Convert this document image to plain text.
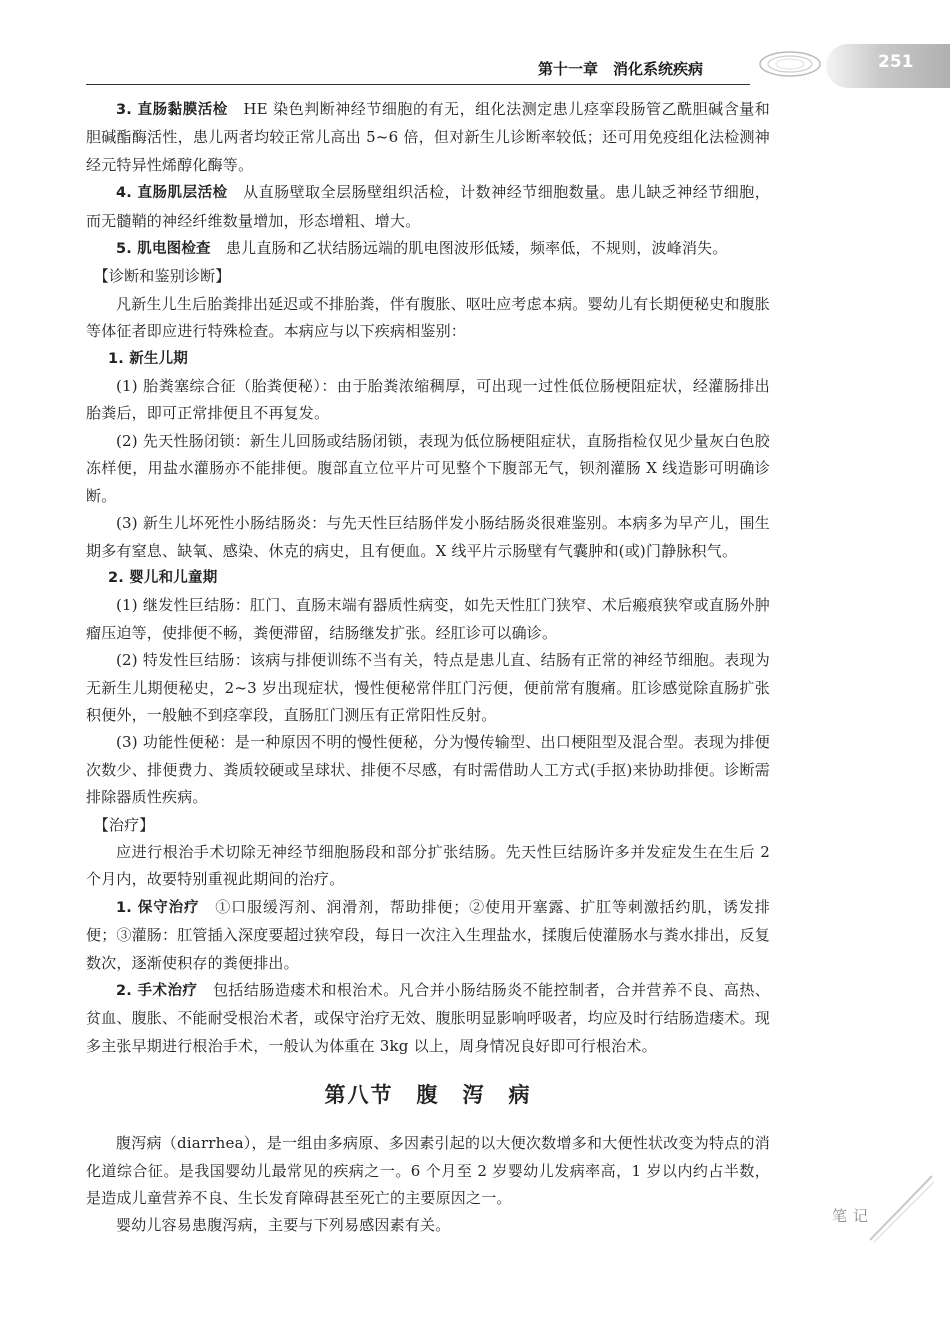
第十一章　消化系统疾病	251

3. 直肠黏膜活检　HE 染色判断神经节细胞的有无，组化法测定患儿痉挛段肠管乙酰胆碱含量和胆碱酯酶活性，患儿两者均较正常儿高出 5~6 倍，但对新生儿诊断率较低；还可用免疫组化法检测神经元特异性烯醇化酶等。

4. 直肠肌层活检　从直肠壁取全层肠壁组织活检，计数神经节细胞数量。患儿缺乏神经节细胞，而无髓鞘的神经纤维数量增加，形态增粗、增大。

5. 肌电图检查　患儿直肠和乙状结肠远端的肌电图波形低矮，频率低，不规则，波峰消失。

　【诊断和鉴别诊断】

凡新生儿生后胎粪排出延迟或不排胎粪，伴有腹胀、呕吐应考虑本病。婴幼儿有长期便秘史和腹胀等体征者即应进行特殊检查。本病应与以下疾病相鉴别：

　1. 新生儿期

(1) 胎粪塞综合征（胎粪便秘）：由于胎粪浓缩稠厚，可出现一过性低位肠梗阻症状，经灌肠排出胎粪后，即可正常排便且不再复发。

(2) 先天性肠闭锁：新生儿回肠或结肠闭锁，表现为低位肠梗阻症状，直肠指检仅见少量灰白色胶冻样便，用盐水灌肠亦不能排便。腹部直立位平片可见整个下腹部无气，钡剂灌肠 X 线造影可明确诊断。

(3) 新生儿坏死性小肠结肠炎：与先天性巨结肠伴发小肠结肠炎很难鉴别。本病多为早产儿，围生期多有窒息、缺氧、感染、休克的病史，且有便血。X 线平片示肠壁有气囊肿和(或)门静脉积气。

　2. 婴儿和儿童期

(1) 继发性巨结肠：肛门、直肠末端有器质性病变，如先天性肛门狭窄、术后瘢痕狭窄或直肠外肿瘤压迫等，使排便不畅，粪便滞留，结肠继发扩张。经肛诊可以确诊。

(2) 特发性巨结肠：该病与排便训练不当有关，特点是患儿直、结肠有正常的神经节细胞。表现为无新生儿期便秘史，2~3 岁出现症状，慢性便秘常伴肛门污便，便前常有腹痛。肛诊感觉除直肠扩张积便外，一般触不到痉挛段，直肠肛门测压有正常阳性反射。

(3) 功能性便秘：是一种原因不明的慢性便秘，分为慢传输型、出口梗阻型及混合型。表现为排便次数少、排便费力、粪质较硬或呈球状、排便不尽感，有时需借助人工方式(手抠)来协助排便。诊断需排除器质性疾病。

　【治疗】

应进行根治手术切除无神经节细胞肠段和部分扩张结肠。先天性巨结肠许多并发症发生在生后 2 个月内，故要特别重视此期间的治疗。

1. 保守治疗　①口服缓泻剂、润滑剂，帮助排便；②使用开塞露、扩肛等刺激括约肌，诱发排便；③灌肠：肛管插入深度要超过狭窄段，每日一次注入生理盐水，揉腹后使灌肠水与粪水排出，反复数次，逐渐使积存的粪便排出。

2. 手术治疗　包括结肠造瘘术和根治术。凡合并小肠结肠炎不能控制者，合并营养不良、高热、贫血、腹胀、不能耐受根治术者，或保守治疗无效、腹胀明显影响呼吸者，均应及时行结肠造瘘术。现多主张早期进行根治手术，一般认为体重在 3kg 以上，周身情况良好即可行根治术。

第八节　腹　泻　病

腹泻病（diarrhea），是一组由多病原、多因素引起的以大便次数增多和大便性状改变为特点的消化道综合征。是我国婴幼儿最常见的疾病之一。6 个月至 2 岁婴幼儿发病率高，1 岁以内约占半数，是造成儿童营养不良、生长发育障碍甚至死亡的主要原因之一。

婴幼儿容易患腹泻病，主要与下列易感因素有关。

笔记
